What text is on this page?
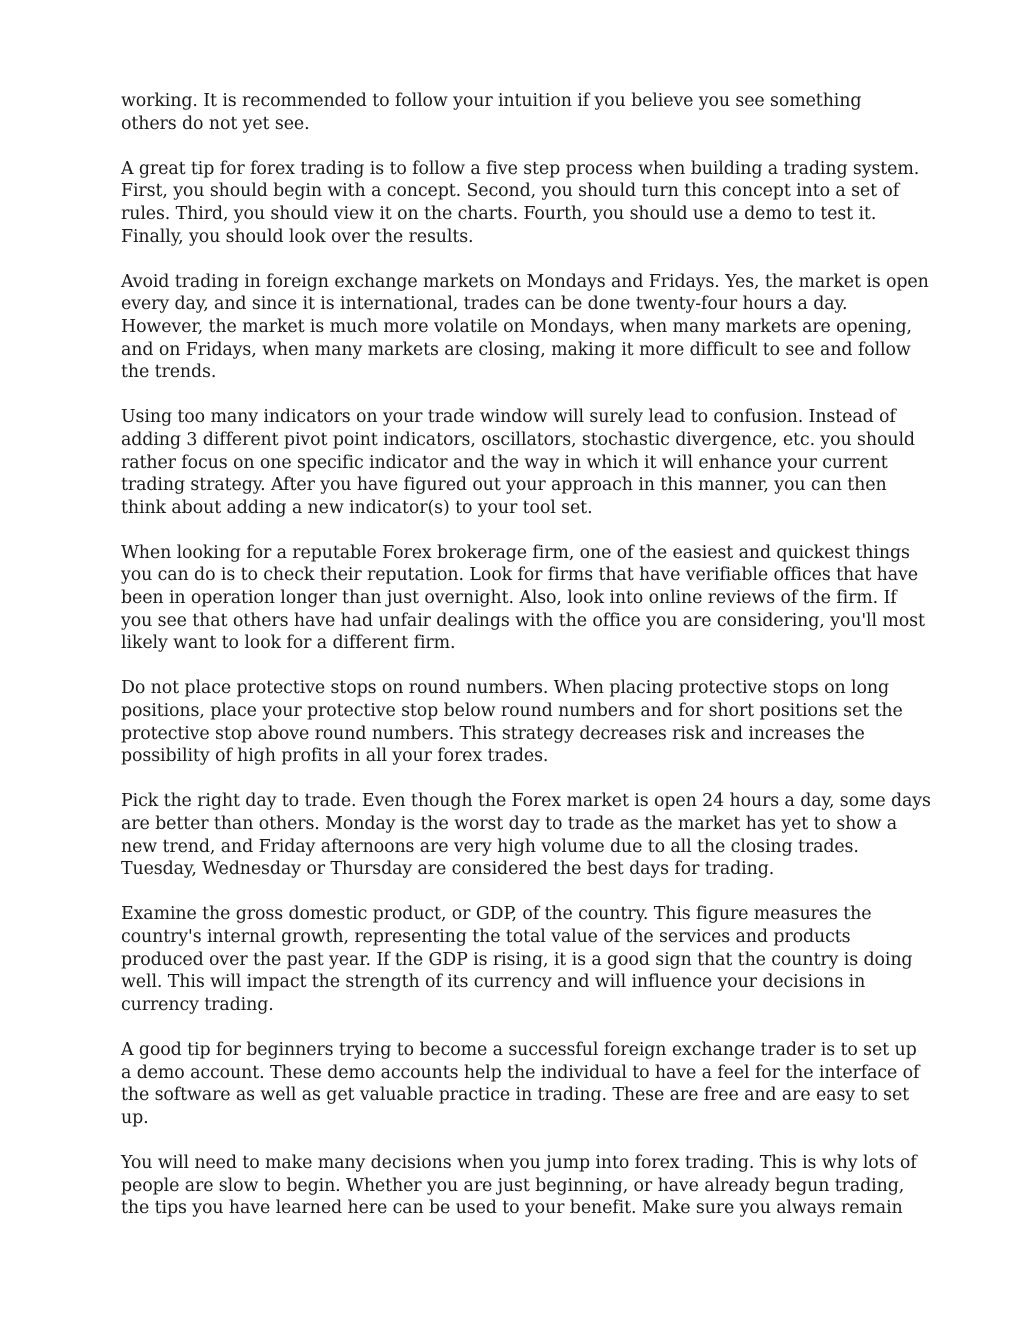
working. It is recommended to follow your intuition if you believe you see something
others do not yet see.
A great tip for forex trading is to follow a five step process when building a trading system.
First, you should begin with a concept. Second, you should turn this concept into a set of
rules. Third, you should view it on the charts. Fourth, you should use a demo to test it.
Finally, you should look over the results.
Avoid trading in foreign exchange markets on Mondays and Fridays. Yes, the market is open
every day, and since it is international, trades can be done twenty-four hours a day.
However, the market is much more volatile on Mondays, when many markets are opening,
and on Fridays, when many markets are closing, making it more difficult to see and follow
the trends.
Using too many indicators on your trade window will surely lead to confusion. Instead of
adding 3 different pivot point indicators, oscillators, stochastic divergence, etc. you should
rather focus on one specific indicator and the way in which it will enhance your current
trading strategy. After you have figured out your approach in this manner, you can then
think about adding a new indicator(s) to your tool set.
When looking for a reputable Forex brokerage firm, one of the easiest and quickest things
you can do is to check their reputation. Look for firms that have verifiable offices that have
been in operation longer than just overnight. Also, look into online reviews of the firm. If
you see that others have had unfair dealings with the office you are considering, you'll most
likely want to look for a different firm.
Do not place protective stops on round numbers. When placing protective stops on long
positions, place your protective stop below round numbers and for short positions set the
protective stop above round numbers. This strategy decreases risk and increases the
possibility of high profits in all your forex trades.
Pick the right day to trade. Even though the Forex market is open 24 hours a day, some days
are better than others. Monday is the worst day to trade as the market has yet to show a
new trend, and Friday afternoons are very high volume due to all the closing trades.
Tuesday, Wednesday or Thursday are considered the best days for trading.
Examine the gross domestic product, or GDP, of the country. This figure measures the
country's internal growth, representing the total value of the services and products
produced over the past year. If the GDP is rising, it is a good sign that the country is doing
well. This will impact the strength of its currency and will influence your decisions in
currency trading.
A good tip for beginners trying to become a successful foreign exchange trader is to set up
a demo account. These demo accounts help the individual to have a feel for the interface of
the software as well as get valuable practice in trading. These are free and are easy to set
up.
You will need to make many decisions when you jump into forex trading. This is why lots of
people are slow to begin. Whether you are just beginning, or have already begun trading,
the tips you have learned here can be used to your benefit. Make sure you always remain
